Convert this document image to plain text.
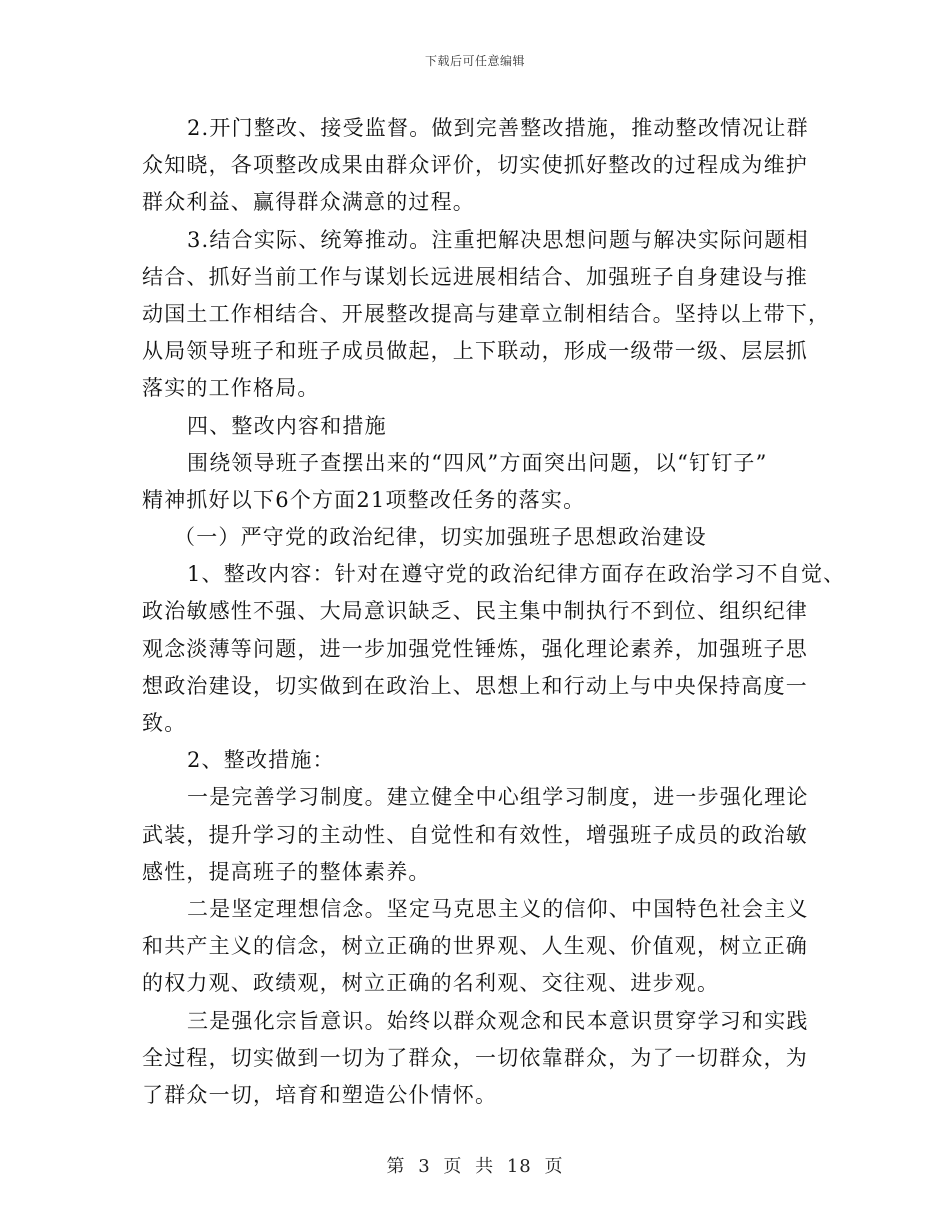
下载后可任意编辑
2.开门整改、接受监督。做到完善整改措施，推动整改情况让群
众知晓，各项整改成果由群众评价，切实使抓好整改的过程成为维护
群众利益、赢得群众满意的过程。
3.结合实际、统筹推动。注重把解决思想问题与解决实际问题相
结合、抓好当前工作与谋划长远进展相结合、加强班子自身建设与推
动国土工作相结合、开展整改提高与建章立制相结合。坚持以上带下，
从局领导班子和班子成员做起，上下联动，形成一级带一级、层层抓
落实的工作格局。
四、整改内容和措施
围绕领导班子查摆出来的“四风”方面突出问题，以“钉钉子”
精神抓好以下6个方面21项整改任务的落实。
（一）严守党的政治纪律，切实加强班子思想政治建设
1、整改内容：针对在遵守党的政治纪律方面存在政治学习不自觉、
政治敏感性不强、大局意识缺乏、民主集中制执行不到位、组织纪律
观念淡薄等问题，进一步加强党性锤炼，强化理论素养，加强班子思
想政治建设，切实做到在政治上、思想上和行动上与中央保持高度一
致。
2、整改措施：
一是完善学习制度。建立健全中心组学习制度，进一步强化理论
武装，提升学习的主动性、自觉性和有效性，增强班子成员的政治敏
感性，提高班子的整体素养。
二是坚定理想信念。坚定马克思主义的信仰、中国特色社会主义
和共产主义的信念，树立正确的世界观、人生观、价值观，树立正确
的权力观、政绩观，树立正确的名利观、交往观、进步观。
三是强化宗旨意识。始终以群众观念和民本意识贯穿学习和实践
全过程，切实做到一切为了群众，一切依靠群众，为了一切群众，为
了群众一切，培育和塑造公仆情怀。
第 3 页 共 18 页
